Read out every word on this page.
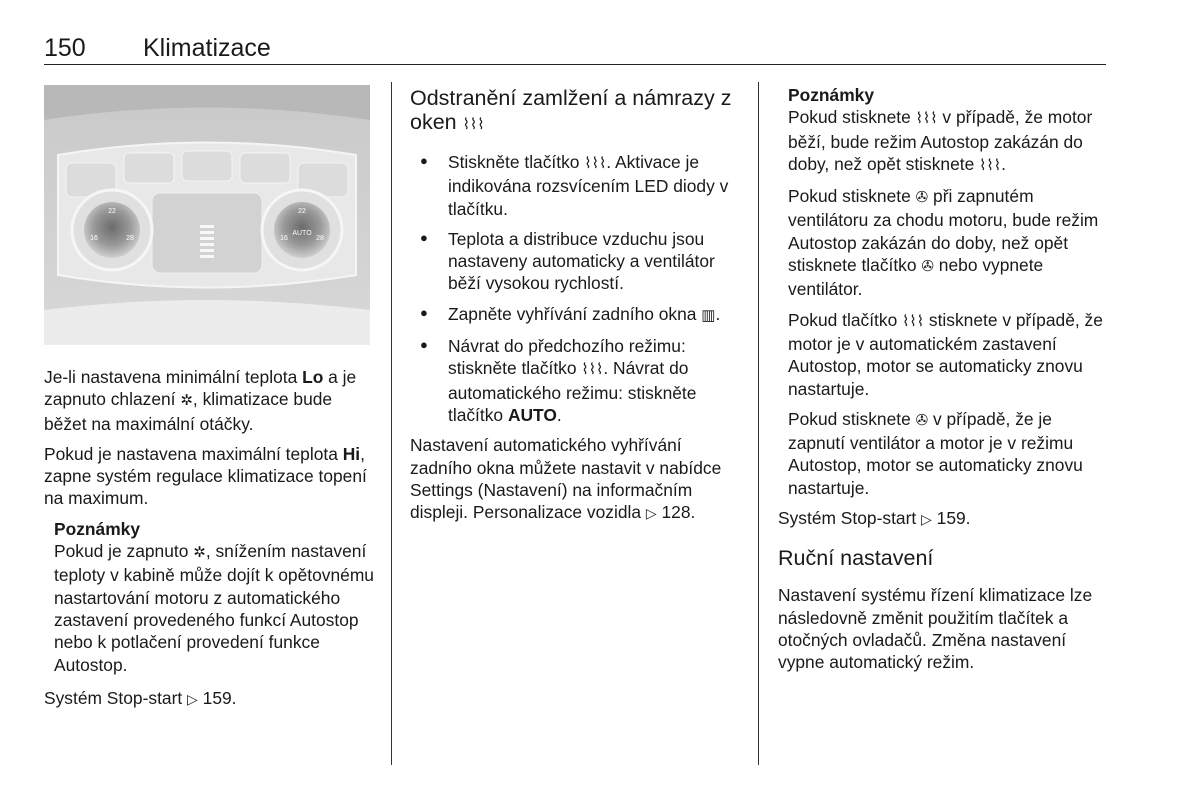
150 Klimatizace
22
16	28
22
16
AUTO
28

Je-li nastavena minimální teplota Lo a je zapnuto chlazení ✲, klimatizace bude běžet na maximální otáčky.

Pokud je nastavena maximální teplota Hi, zapne systém regulace klimatizace topení na maximum.

Poznámky
Pokud je zapnuto ✲, snížením nastavení teploty v kabině může dojít k opětovnému nastartování motoru z automatického zastavení provedeného funkcí Autostop nebo k potlačení provedení funkce Autostop.

Systém Stop-start ▷ 159.

Odstranění zamlžení a námrazy z oken ⌇⌇⌇
● Stiskněte tlačítko ⌇⌇⌇. Aktivace je indikována rozsvícením LED diody v tlačítku.
● Teplota a distribuce vzduchu jsou nastaveny automaticky a ventilátor běží vysokou rychlostí.
● Zapněte vyhřívání zadního okna ▥.
● Návrat do předchozího režimu: stiskněte tlačítko ⌇⌇⌇. Návrat do automatického režimu: stiskněte tlačítko AUTO.

Nastavení automatického vyhřívání zadního okna můžete nastavit v nabídce Settings (Nastavení) na informačním displeji. Personalizace vozidla ▷ 128.

Poznámky

Pokud stisknete ⌇⌇⌇ v případě, že motor běží, bude režim Autostop zakázán do doby, než opět stisknete ⌇⌇⌇.

Pokud stisknete ✇ při zapnutém ventilátoru za chodu motoru, bude režim Autostop zakázán do doby, než opět stisknete tlačítko ✇ nebo vypnete ventilátor.

Pokud tlačítko ⌇⌇⌇ stisknete v případě, že motor je v automatickém zastavení Autostop, motor se automaticky znovu nastartuje.

Pokud stisknete ✇ v případě, že je zapnutí ventilátor a motor je v režimu Autostop, motor se automaticky znovu nastartuje.

Systém Stop-start ▷ 159.

Ruční nastavení

Nastavení systému řízení klimatizace lze následovně změnit použitím tlačítek a otočných ovladačů. Změna nastavení vypne automatický režim.
